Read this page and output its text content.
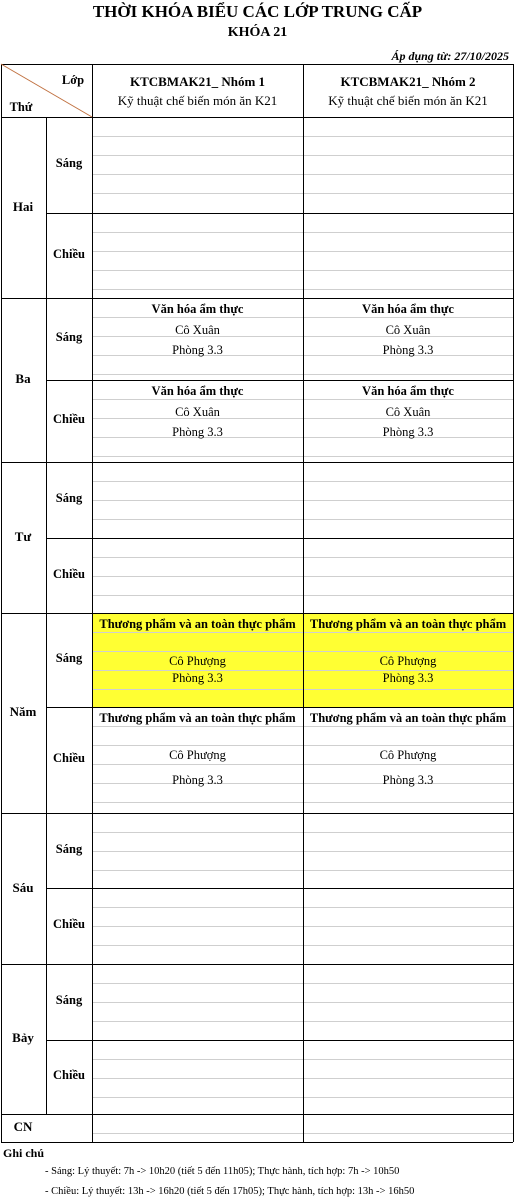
THỜI KHÓA BIỂU CÁC LỚP TRUNG CẤP
KHÓA 21
Áp dụng từ: 27/10/2025
Lớp
Thứ
KTCBMAK21_ Nhóm 1
Kỹ thuật chế biến món ăn K21
KTCBMAK21_ Nhóm 2
Kỹ thuật chế biến món ăn K21
Hai
Sáng
Chiều
Ba
Sáng
Văn hóa ẩm thực
Cô Xuân
Phòng 3.3
Văn hóa ẩm thực
Cô Xuân
Phòng 3.3
Chiều
Văn hóa ẩm thực
Cô Xuân
Phòng 3.3
Văn hóa ẩm thực
Cô Xuân
Phòng 3.3
Tư
Sáng
Chiều
Năm
Sáng
Thương phẩm và an toàn thực phẩm
Cô Phượng
Phòng 3.3
Thương phẩm và an toàn thực phẩm
Cô Phượng
Phòng 3.3
Chiều
Thương phẩm và an toàn thực phẩm
Cô Phượng
Phòng 3.3
Thương phẩm và an toàn thực phẩm
Cô Phượng
Phòng 3.3
Sáu
Sáng
Chiều
Bảy
Sáng
Chiều
CN
Ghi chú
- Sáng: Lý thuyết: 7h -> 10h20 (tiết 5 đến 11h05); Thực hành, tích hợp: 7h -> 10h50
- Chiều: Lý thuyết: 13h -> 16h20 (tiết 5 đến 17h05); Thực hành, tích hợp: 13h -> 16h50
